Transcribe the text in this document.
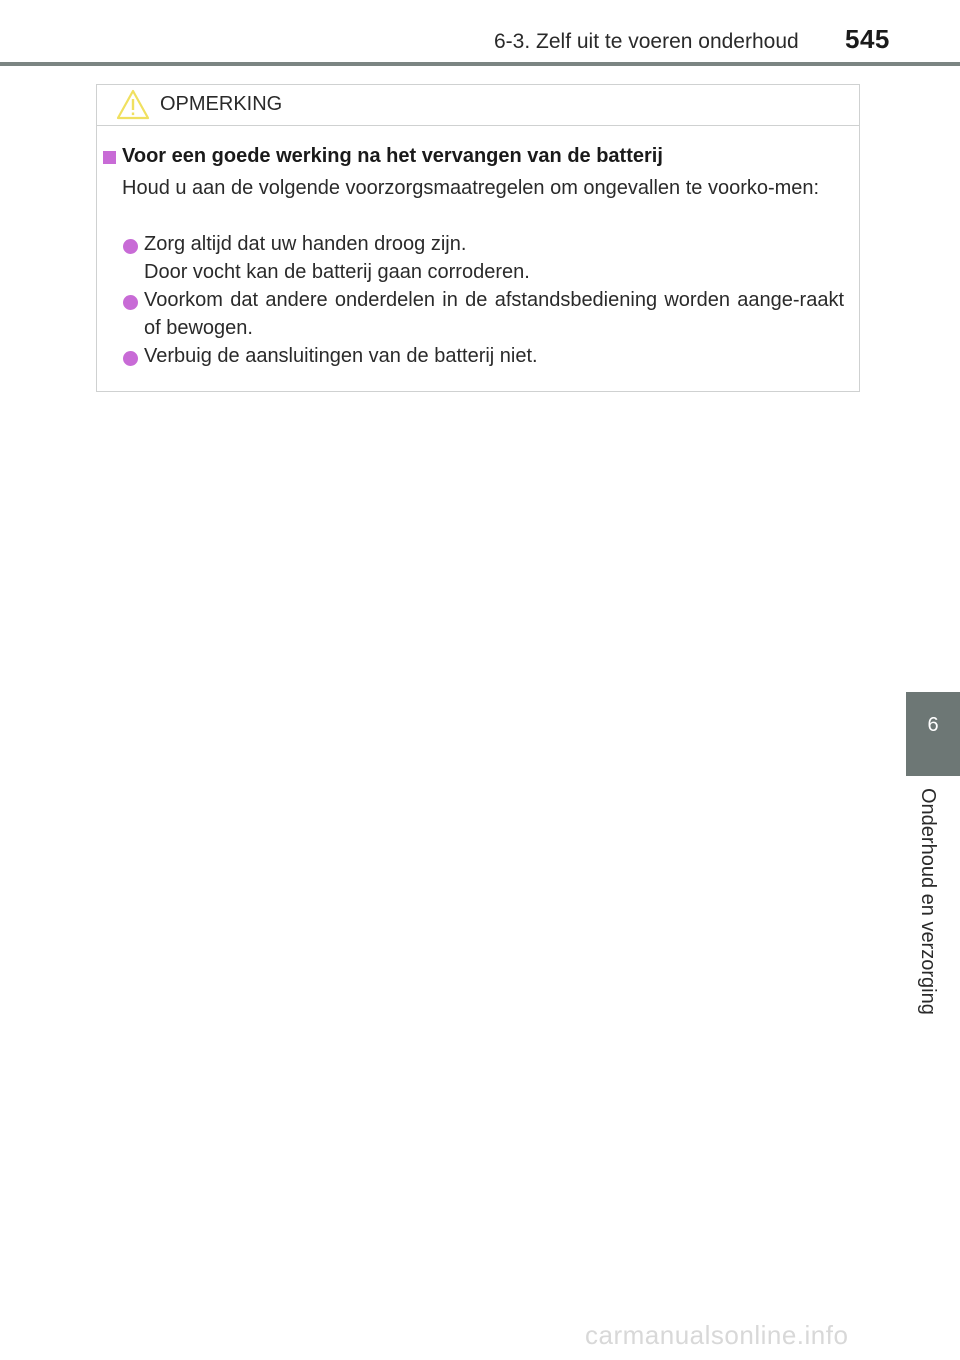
6-3. Zelf uit te voeren onderhoud 545
OPMERKING
Voor een goede werking na het vervangen van de batterij
Houd u aan de volgende voorzorgsmaatregelen om ongevallen te voorko-men:
Zorg altijd dat uw handen droog zijn.
Door vocht kan de batterij gaan corroderen.
Voorkom dat andere onderdelen in de afstandsbediening worden aange-raakt of bewogen.
Verbuig de aansluitingen van de batterij niet.
6
Onderhoud en verzorging
carmanualsonline.info
